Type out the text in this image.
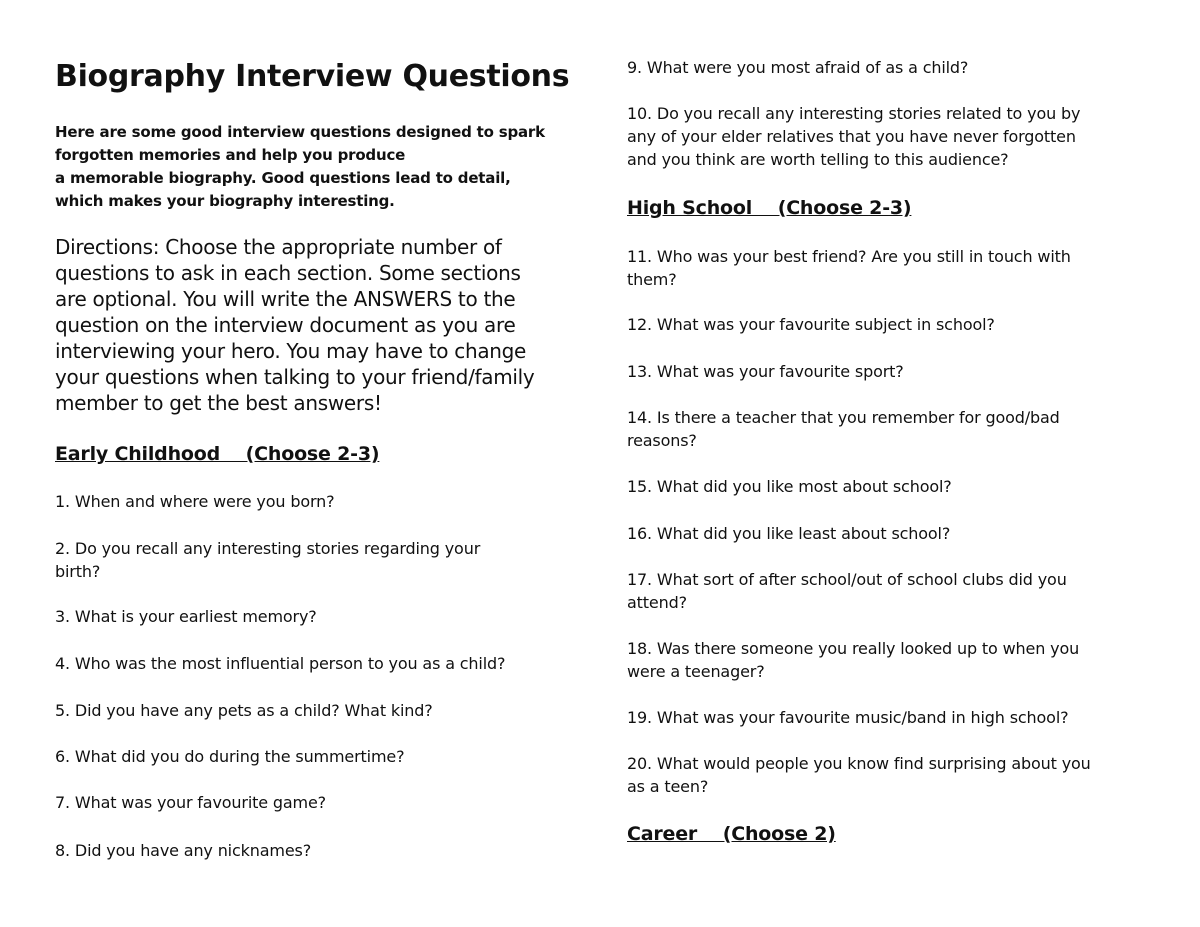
Biography Interview Questions

Here are some good interview questions designed to spark
forgotten memories and help you produce
a memorable biography. Good questions lead to detail,
which makes your biography interesting.

Directions: Choose the appropriate number of
questions to ask in each section. Some sections
are optional. You will write the ANSWERS to the
question on the interview document as you are
interviewing your hero. You may have to change
your questions when talking to your friend/family
member to get the best answers!

Early Childhood    (Choose 2-3)

1. When and where were you born?

2. Do you recall any interesting stories regarding your
birth?

3. What is your earliest memory?

4. Who was the most influential person to you as a child?

5. Did you have any pets as a child? What kind?

6. What did you do during the summertime?

7. What was your favourite game?

8. Did you have any nicknames?

9. What were you most afraid of as a child?

10. Do you recall any interesting stories related to you by
any of your elder relatives that you have never forgotten
and you think are worth telling to this audience?

High School    (Choose 2-3)

11. Who was your best friend? Are you still in touch with
them?

12. What was your favourite subject in school?

13. What was your favourite sport?

14. Is there a teacher that you remember for good/bad
reasons?

15. What did you like most about school?

16. What did you like least about school?

17. What sort of after school/out of school clubs did you
attend?

18. Was there someone you really looked up to when you
were a teenager?

19. What was your favourite music/band in high school?

20. What would people you know find surprising about you
as a teen?

Career    (Choose 2)
